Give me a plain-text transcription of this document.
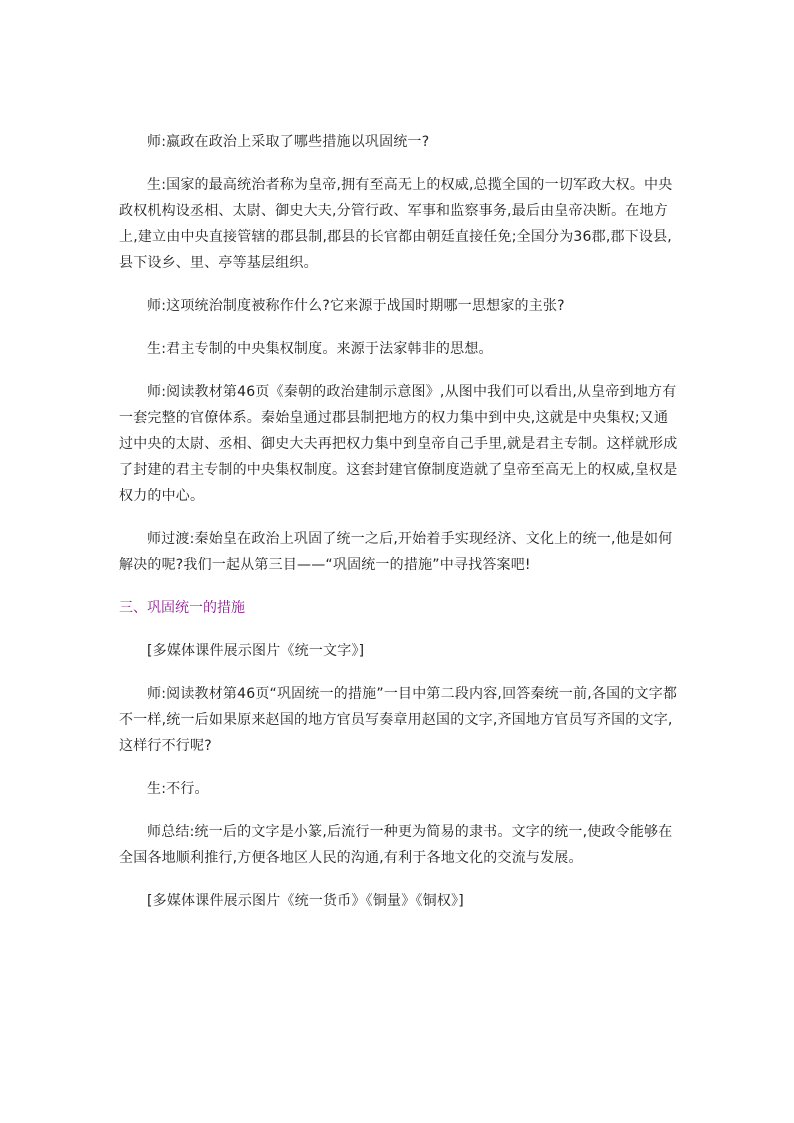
师:嬴政在政治上采取了哪些措施以巩固统一?

生:国家的最高统治者称为皇帝,拥有至高无上的权威,总揽全国的一切军政大权。中央政权机构设丞相、太尉、御史大夫,分管行政、军事和监察事务,最后由皇帝决断。在地方上,建立由中央直接管辖的郡县制,郡县的长官都由朝廷直接任免;全国分为36郡,郡下设县,县下设乡、里、亭等基层组织。

师:这项统治制度被称作什么?它来源于战国时期哪一思想家的主张?

生:君主专制的中央集权制度。来源于法家韩非的思想。

师:阅读教材第46页《秦朝的政治建制示意图》,从图中我们可以看出,从皇帝到地方有一套完整的官僚体系。秦始皇通过郡县制把地方的权力集中到中央,这就是中央集权;又通过中央的太尉、丞相、御史大夫再把权力集中到皇帝自己手里,就是君主专制。这样就形成了封建的君主专制的中央集权制度。这套封建官僚制度造就了皇帝至高无上的权威,皇权是权力的中心。

师过渡:秦始皇在政治上巩固了统一之后,开始着手实现经济、文化上的统一,他是如何解决的呢?我们一起从第三目——“巩固统一的措施”中寻找答案吧!

三、巩固统一的措施

[多媒体课件展示图片《统一文字》]

师:阅读教材第46页“巩固统一的措施”一目中第二段内容,回答秦统一前,各国的文字都不一样,统一后如果原来赵国的地方官员写奏章用赵国的文字,齐国地方官员写齐国的文字,这样行不行呢?

生:不行。

师总结:统一后的文字是小篆,后流行一种更为简易的隶书。文字的统一,使政令能够在全国各地顺利推行,方便各地区人民的沟通,有利于各地文化的交流与发展。

[多媒体课件展示图片《统一货币》《铜量》《铜权》]
